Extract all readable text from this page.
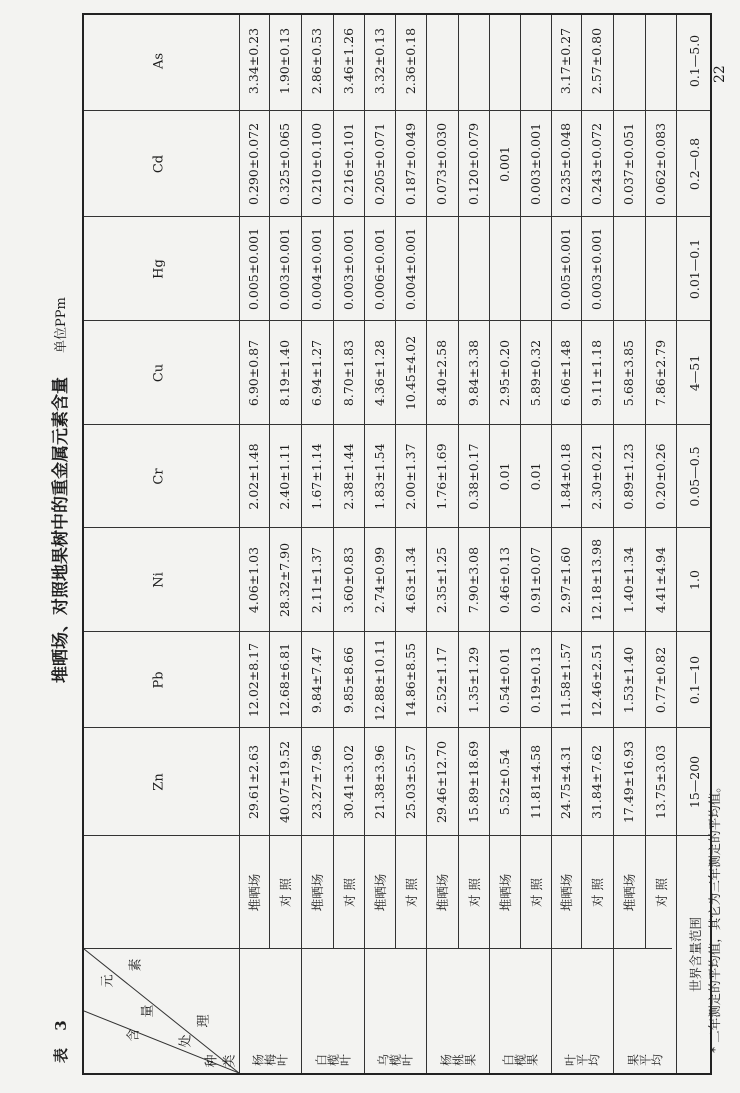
22
表 3
堆晒场、对照地果树中的重金属元素含量
单位PPm
种 类
处
理
含
量
元
素
Zn
Pb
Ni
Cr
Cu
Hg
Cd
As
杨梅叶 白榄叶 乌榄叶 杨桃果 白榄果 叶平均 果平均
堆晒场
29.61±2.63
12.02±8.17
4.06±1.03
2.02±1.48
6.90±0.87
0.005±0.001
0.290±0.072
3.34±0.23
对 照
40.07±19.52
12.68±6.81
28.32±7.90
2.40±1.11
8.19±1.40
0.003±0.001
0.325±0.065
1.90±0.13
堆晒场
23.27±7.96
9.84±7.47
2.11±1.37
1.67±1.14
6.94±1.27
0.004±0.001
0.210±0.100
2.86±0.53
对 照
30.41±3.02
9.85±8.66
3.60±0.83
2.38±1.44
8.70±1.83
0.003±0.001
0.216±0.101
3.46±1.26
堆晒场
21.38±3.96
12.88±10.11
2.74±0.99
1.83±1.54
4.36±1.28
0.006±0.001
0.205±0.071
3.32±0.13
对 照
25.03±5.57
14.86±8.55
4.63±1.34
2.00±1.37
10.45±4.02
0.004±0.001
0.187±0.049
2.36±0.18
堆晒场
29.46±12.70
2.52±1.17
2.35±1.25
1.76±1.69
8.40±2.58
0.073±0.030
对 照
15.89±18.69
1.35±1.29
7.90±3.08
0.38±0.17
9.84±3.38
0.120±0.079
堆晒场
5.52±0.54
0.54±0.01
0.46±0.13
0.01
2.95±0.20
0.001
对 照
11.81±4.58
0.19±0.13
0.91±0.07
0.01
5.89±0.32
0.003±0.001
堆晒场
24.75±4.31
11.58±1.57
2.97±1.60
1.84±0.18
6.06±1.48
0.005±0.001
0.235±0.048
3.17±0.27
对 照
31.84±7.62
12.46±2.51
12.18±13.98
2.30±0.21
9.11±1.18
0.003±0.001
0.243±0.072
2.57±0.80
堆晒场
17.49±16.93
1.53±1.40
1.40±1.34
0.89±1.23
5.68±3.85
0.037±0.051
对 照
13.75±3.03
0.77±0.82
4.41±4.94
0.20±0.26
7.86±2.79
0.062±0.083
世界含量范围
15—200
0.1—10
1.0
0.05—0.5
4—51
0.01—0.1
0.2—0.8
0.1—5.0
* 二年测定的平均值，其它为三年测定的平均值。
